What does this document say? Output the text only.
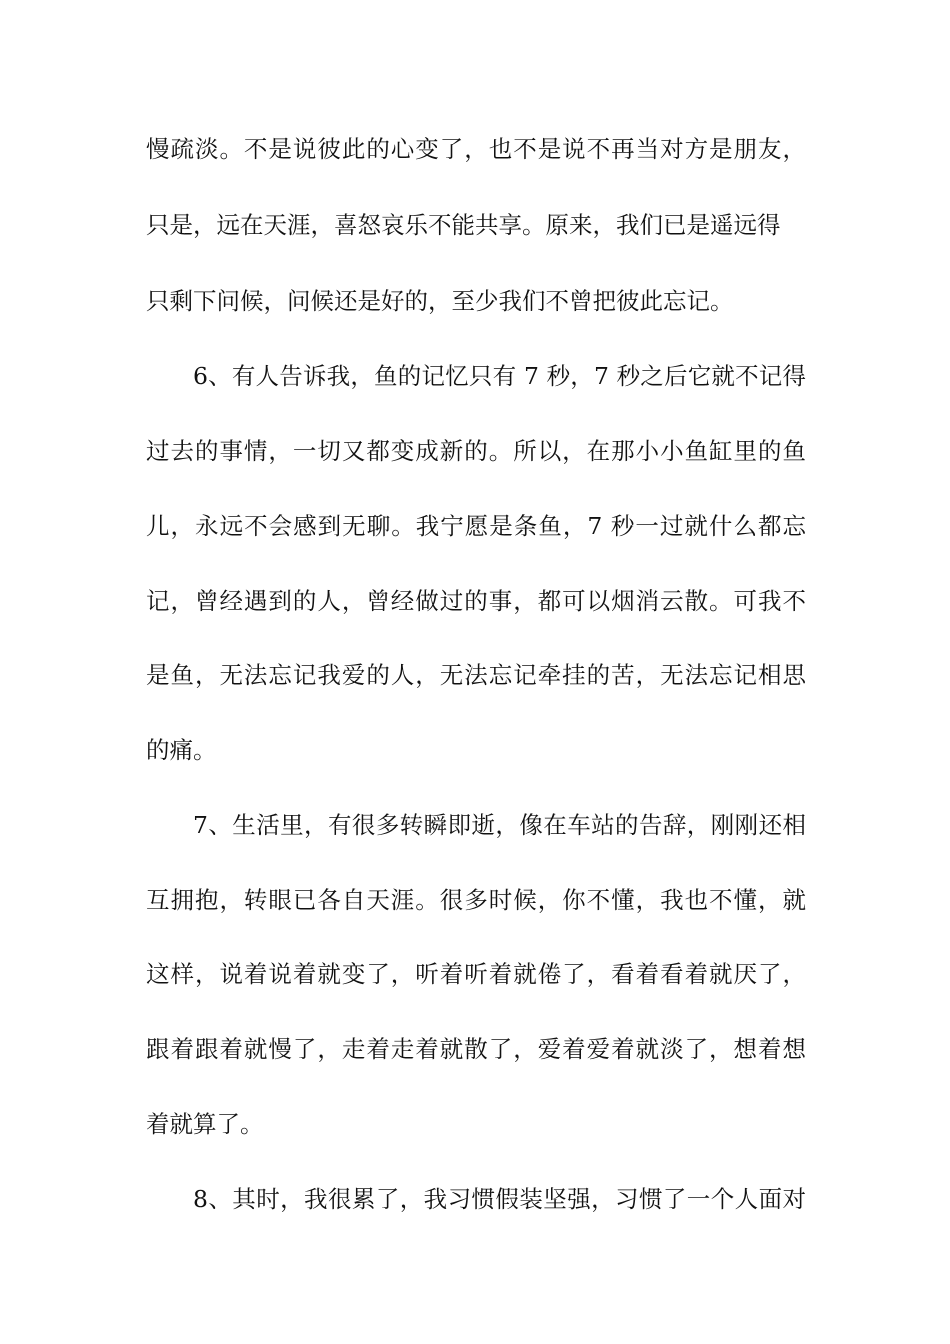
慢疏淡。不是说彼此的心变了，也不是说不再当对方是朋友，

只是，远在天涯，喜怒哀乐不能共享。原来，我们已是遥远得

只剩下问候，问候还是好的，至少我们不曾把彼此忘记。

6、有人告诉我，鱼的记忆只有 7 秒，7 秒之后它就不记得

过去的事情，一切又都变成新的。所以，在那小小鱼缸里的鱼

儿，永远不会感到无聊。我宁愿是条鱼，7 秒一过就什么都忘

记，曾经遇到的人，曾经做过的事，都可以烟消云散。可我不

是鱼，无法忘记我爱的人，无法忘记牵挂的苦，无法忘记相思

的痛。

7、生活里，有很多转瞬即逝，像在车站的告辞，刚刚还相

互拥抱，转眼已各自天涯。很多时候，你不懂，我也不懂，就

这样，说着说着就变了，听着听着就倦了，看着看着就厌了，

跟着跟着就慢了，走着走着就散了，爱着爱着就淡了，想着想

着就算了。

8、其时，我很累了，我习惯假装坚强，习惯了一个人面对
